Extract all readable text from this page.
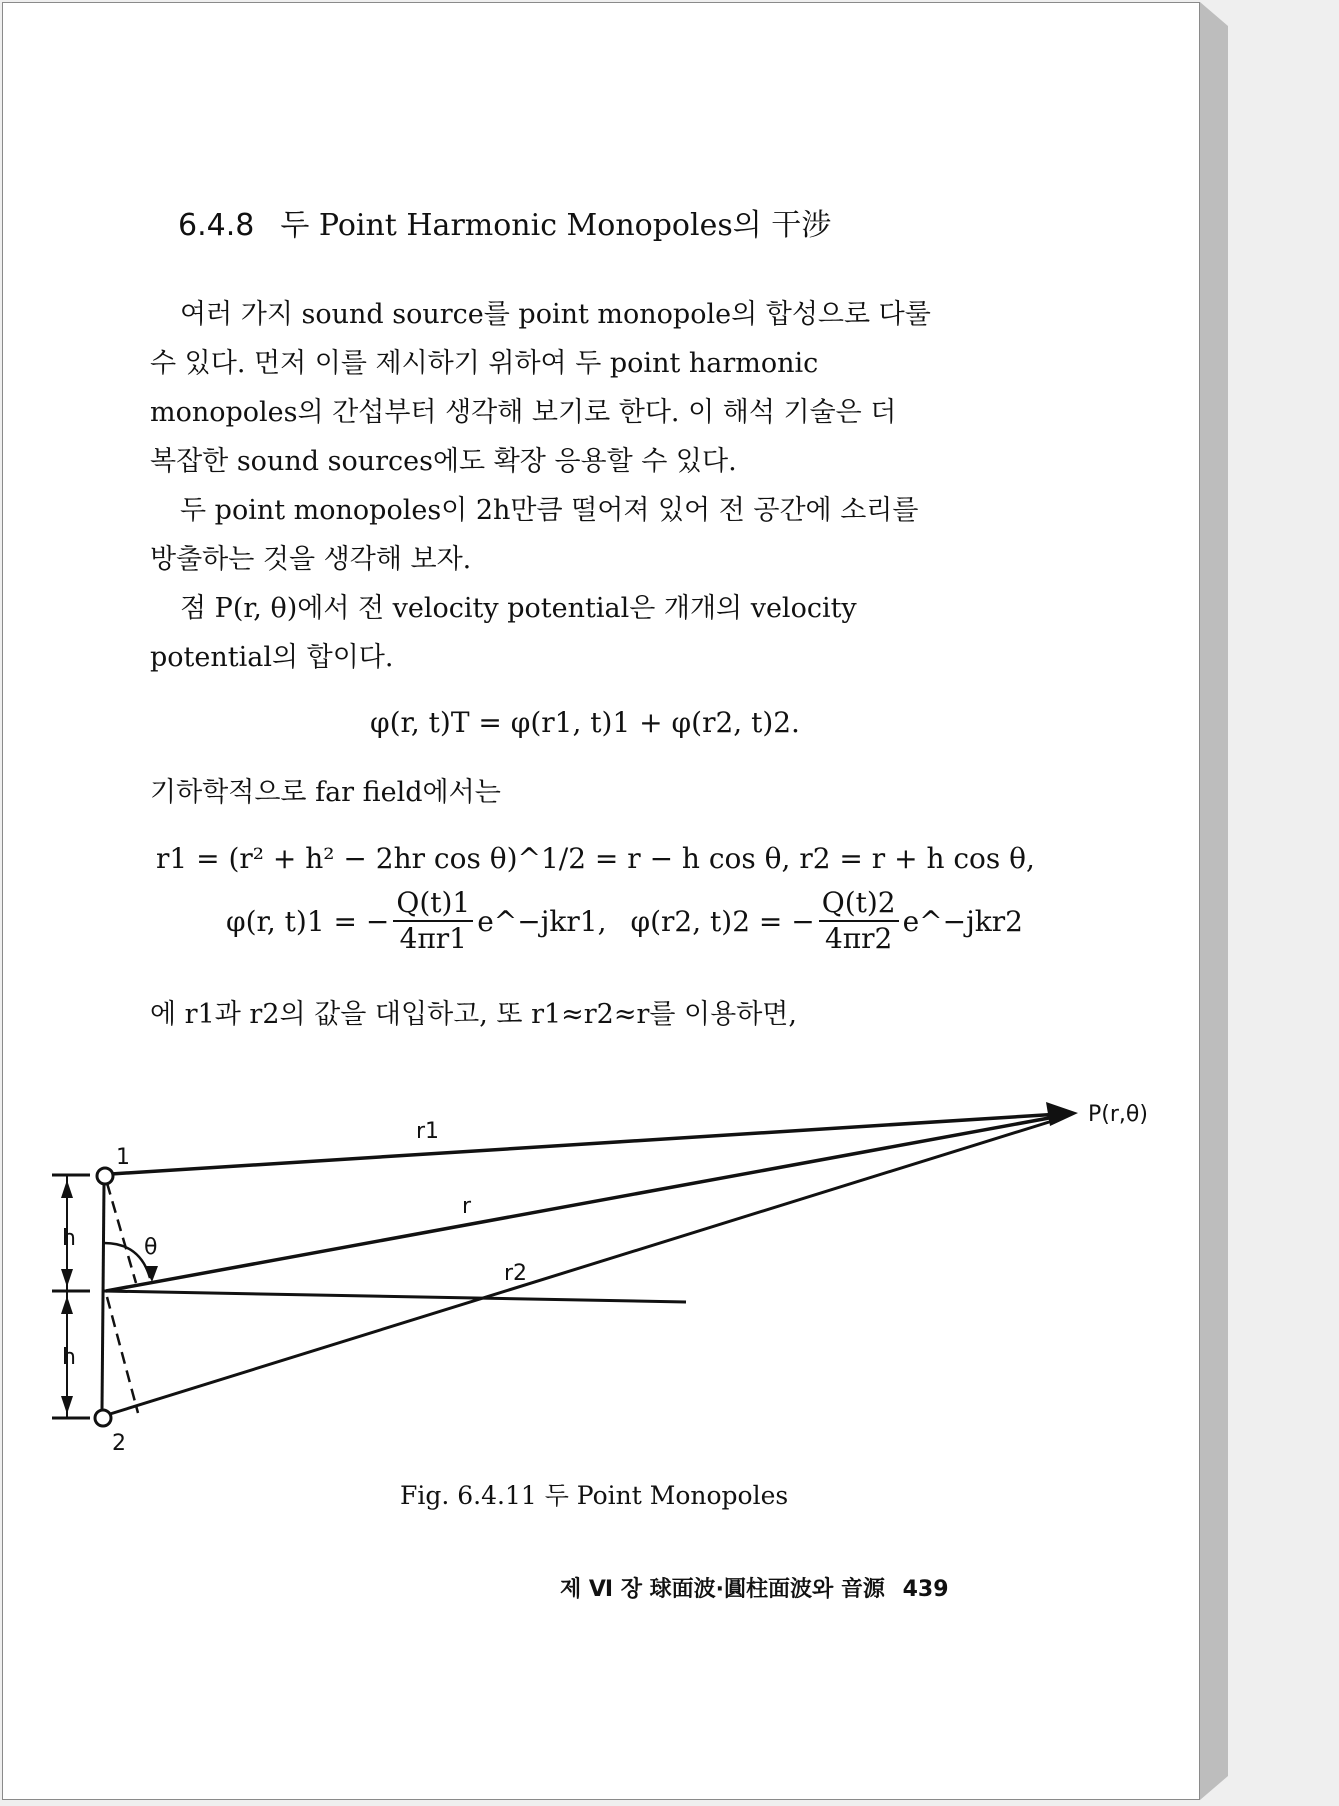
6.4.8 두 Point Harmonic Monopoles의 干涉
여러 가지 sound source를 point monopole의 합성으로 다룰
수 있다. 먼저 이를 제시하기 위하여 두 point harmonic
monopoles의 간섭부터 생각해 보기로 한다. 이 해석 기술은 더
복잡한 sound sources에도 확장 응용할 수 있다.
두 point monopoles이 2h만큼 떨어져 있어 전 공간에 소리를
방출하는 것을 생각해 보자.
점 P(r, θ)에서 전 velocity potential은 개개의 velocity
potential의 합이다.
φ(r, t)T = φ(r1, t)1 + φ(r2, t)2.
기하학적으로 far field에서는
r1 = (r² + h² − 2hr cos θ)^1/2 = r − h cos θ, r2 = r + h cos θ,
φ(r, t)1 = − $\frac{Q(t)1}{4\pi r1}$ e^−jkr1, φ(r2, t)2 = − $\frac{Q(t)2}{4\pi r2}$ e^−jkr2
에 r1과 r2의 값을 대입하고, 또 r1≈r2≈r를 이용하면,
P(r,θ)
r1
r
r2
θ
1
2
h
h
Fig. 6.4.11 두 Point Monopoles
제 Ⅵ 장 球面波·圓柱面波와 音源 439
